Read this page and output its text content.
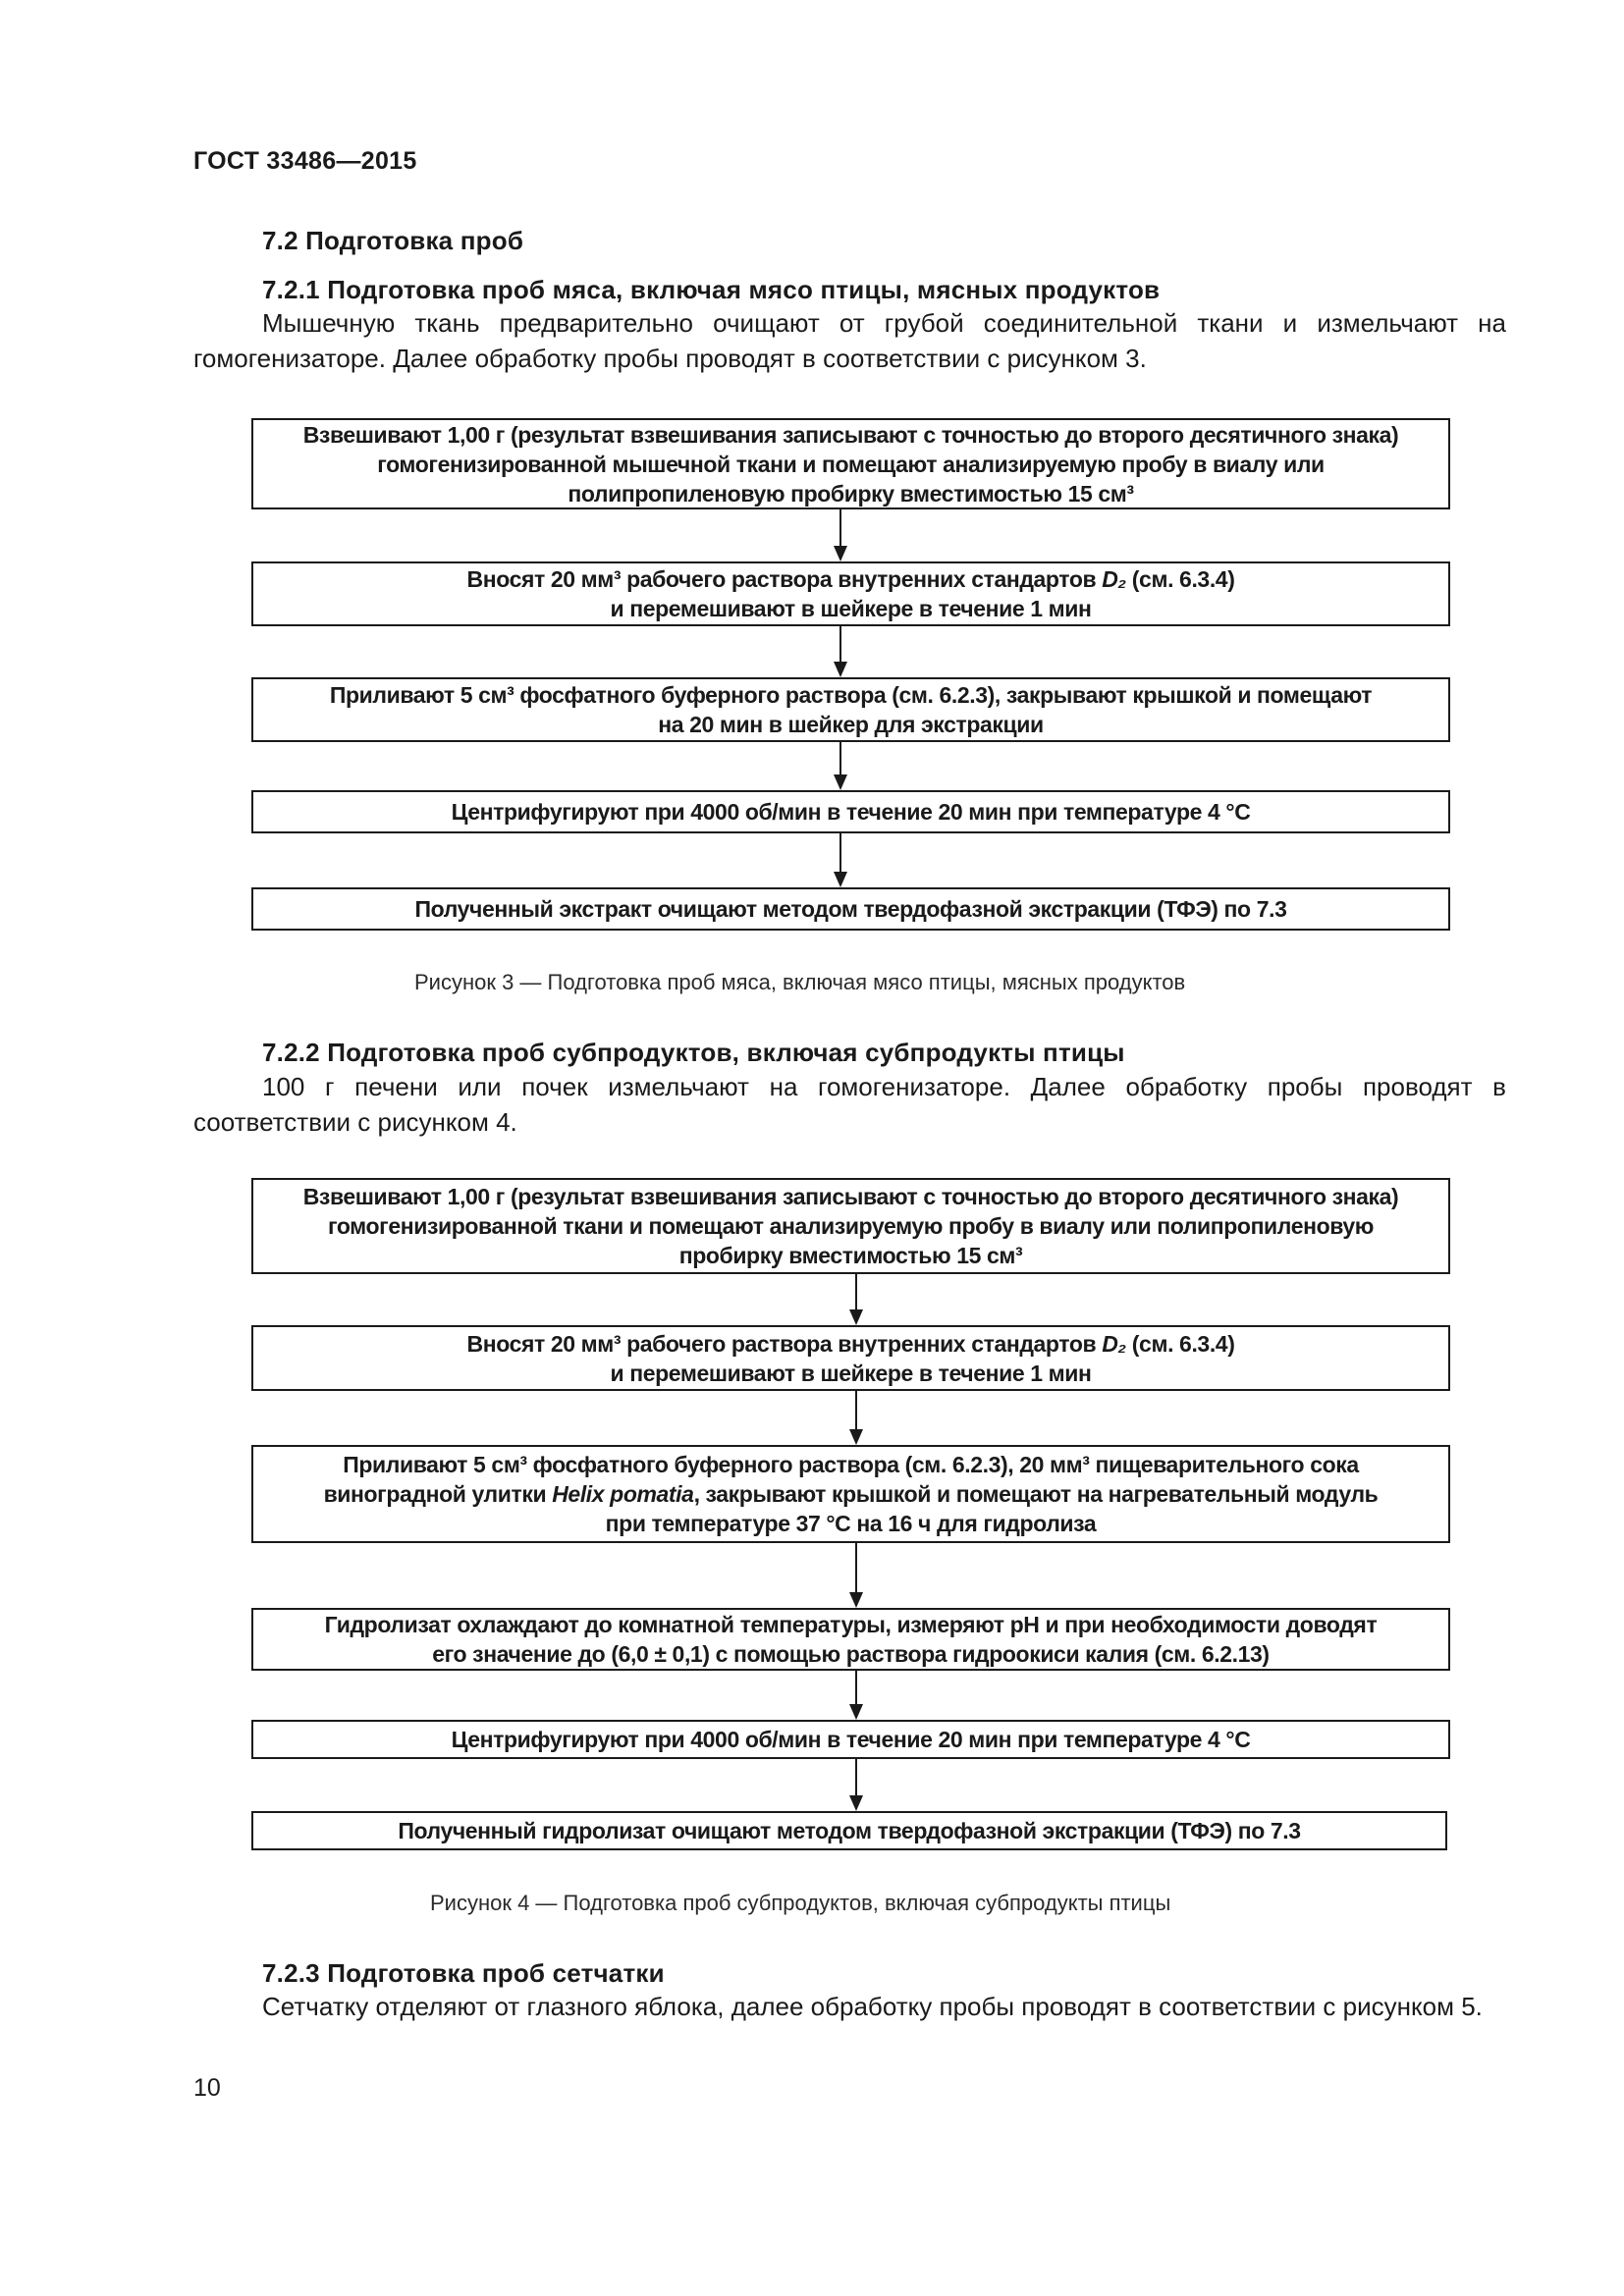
ГОСТ 33486—2015
7.2 Подготовка проб
7.2.1 Подготовка проб мяса, включая мясо птицы, мясных продуктов
Мышечную ткань предварительно очищают от грубой соединительной ткани и измельчают на гомогенизаторе. Далее обработку пробы проводят в соответствии с рисунком 3.
Взвешивают 1,00 г (результат взвешивания записывают с точностью до второго десятичного знака)
гомогенизированной мышечной ткани и помещают анализируемую пробу в виалу или
полипропиленовую пробирку вместимостью 15 см³
Вносят 20 мм³ рабочего раствора внутренних стандартов D₂ (см. 6.3.4)
и перемешивают в шейкере в течение 1 мин
Приливают 5 см³ фосфатного буферного раствора (см. 6.2.3), закрывают крышкой и помещают
на 20 мин в шейкер для экстракции
Центрифугируют при 4000 об/мин в течение 20 мин при температуре 4 °С
Полученный экстракт очищают методом твердофазной экстракции (ТФЭ) по 7.3
Рисунок 3 — Подготовка проб мяса, включая мясо птицы, мясных продуктов
7.2.2 Подготовка проб субпродуктов, включая субпродукты птицы
100 г печени или почек измельчают на гомогенизаторе. Далее обработку пробы проводят в соответствии с рисунком 4.
Взвешивают 1,00 г (результат взвешивания записывают с точностью до второго десятичного знака)
гомогенизированной ткани и помещают анализируемую пробу в виалу или полипропиленовую
пробирку вместимостью 15 см³
Вносят 20 мм³ рабочего раствора внутренних стандартов D₂ (см. 6.3.4)
и перемешивают в шейкере в течение 1 мин
Приливают 5 см³ фосфатного буферного раствора (см. 6.2.3), 20 мм³ пищеварительного сока
виноградной улитки Helix pomatia, закрывают крышкой и помещают на нагревательный модуль
при температуре 37 °С на 16 ч для гидролиза
Гидролизат охлаждают до комнатной температуры, измеряют рН и при необходимости доводят
его значение до (6,0 ± 0,1) с помощью раствора гидроокиси калия (см. 6.2.13)
Центрифугируют при 4000 об/мин в течение 20 мин при температуре 4 °С
Полученный гидролизат очищают методом твердофазной экстракции (ТФЭ) по 7.3
Рисунок 4 — Подготовка проб субпродуктов, включая субпродукты птицы
7.2.3 Подготовка проб сетчатки
Сетчатку отделяют от глазного яблока, далее обработку пробы проводят в соответствии с рисунком 5.
10
